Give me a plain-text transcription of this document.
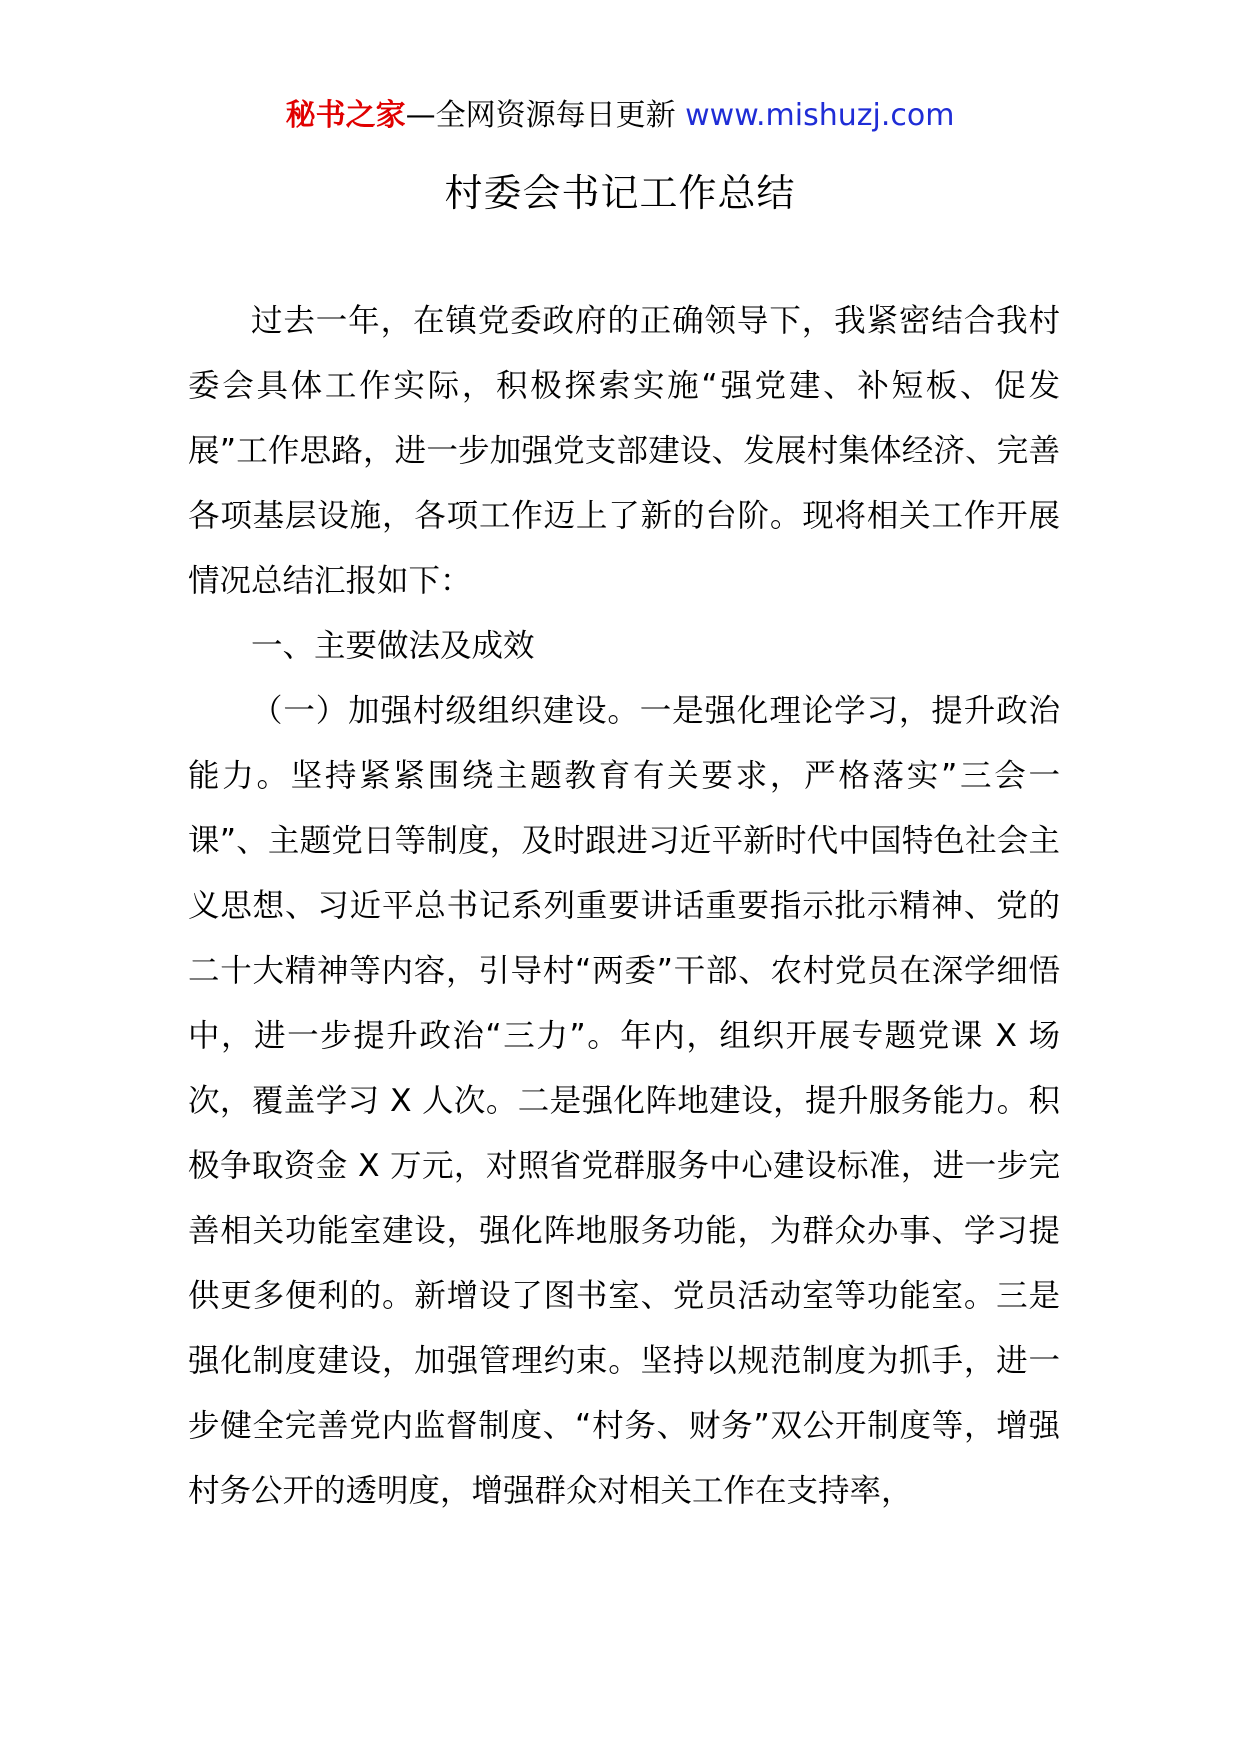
秘书之家—全网资源每日更新 www.mishuzj.com
村委会书记工作总结

过去一年，在镇党委政府的正确领导下，我紧密结合我村委会具体工作实际，积极探索实施“强党建、补短板、促发展”工作思路，进一步加强党支部建设、发展村集体经济、完善各项基层设施，各项工作迈上了新的台阶。现将相关工作开展情况总结汇报如下：

一、主要做法及成效

（一）加强村级组织建设。一是强化理论学习，提升政治能力。坚持紧紧围绕主题教育有关要求，严格落实”三会一课”、主题党日等制度，及时跟进习近平新时代中国特色社会主义思想、习近平总书记系列重要讲话重要指示批示精神、党的二十大精神等内容，引导村“两委”干部、农村党员在深学细悟中，进一步提升政治“三力”。年内，组织开展专题党课 X 场次，覆盖学习 X 人次。二是强化阵地建设，提升服务能力。积极争取资金 X 万元，对照省党群服务中心建设标准，进一步完善相关功能室建设，强化阵地服务功能，为群众办事、学习提供更多便利的。新增设了图书室、党员活动室等功能室。三是强化制度建设，加强管理约束。坚持以规范制度为抓手，进一步健全完善党内监督制度、“村务、财务”双公开制度等，增强村务公开的透明度，增强群众对相关工作在支持率，
